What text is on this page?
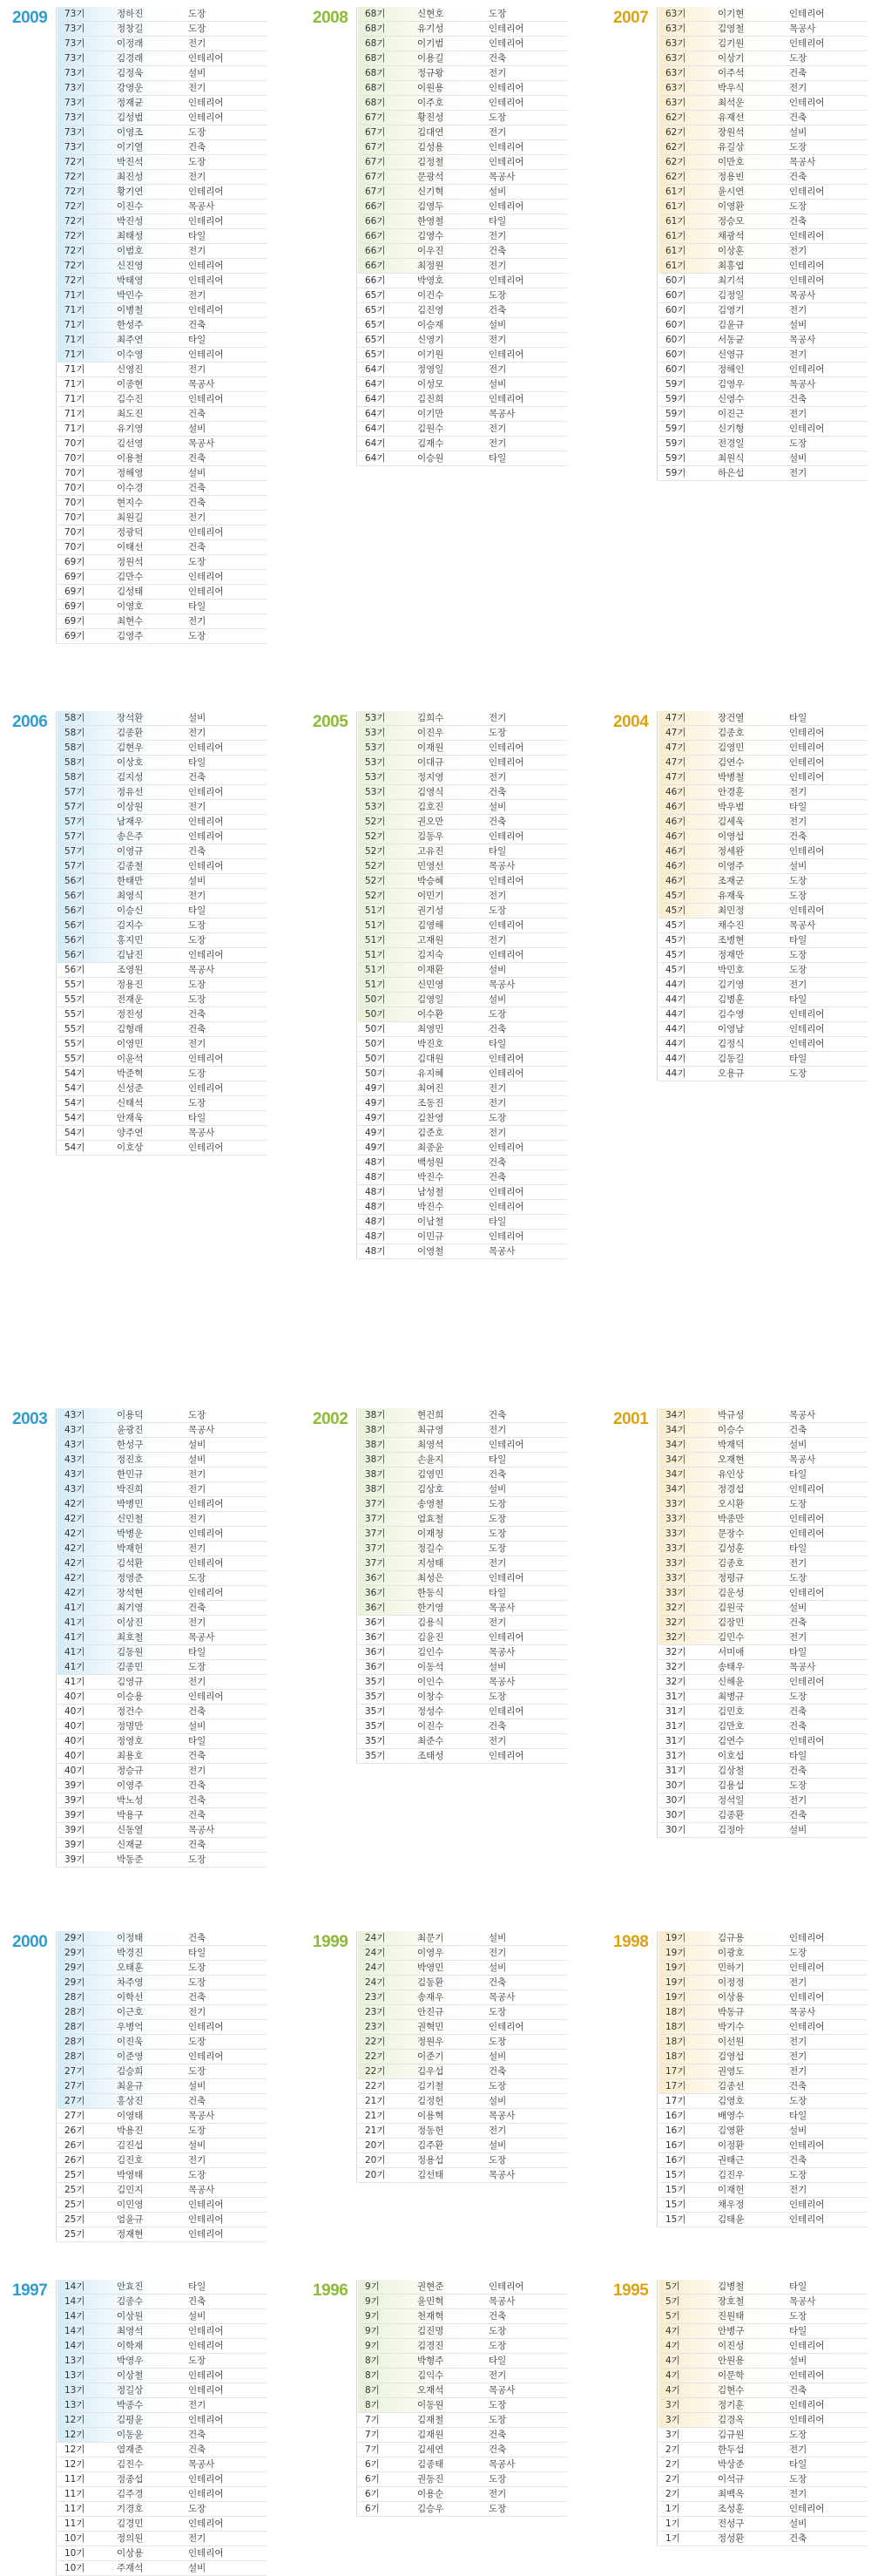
2009 73기	정하진	도장
73기	정창길	도장
73기	이정래	전기
73기	김경래	인테리어
73기	김정욱	설비
73기	강영운	전기
73기	정재균	인테리어
73기	김성범	인테리어
73기	이영조	도장
73기	이기열	건축
72기	박진석	도장
72기	최진성	전기
72기	황기연	인테리어
72기	이진수	목공사
72기	박진성	인테리어
72기	최태성	타일
72기	이범호	전기
72기	신진영	인테리어
72기	박태영	인테리어
71기	박민수	전기
71기	이병철	인테리어
71기	한성주	건축
71기	최주연	타일
71기	이수영	인테리어
71기	신영진	전기
71기	이종현	목공사
71기	김수진	인테리어
71기	최도진	건축
71기	유기영	설비
70기	김선영	목공사
70기	이용철	건축
70기	정해영	설비
70기	이수경	건축
70기	현지수	건축
70기	최원길	전기
70기	정광덕	인테리어
70기	이태선	건축
69기	정원석	도장
69기	김만수	인테리어
69기	김성태	인테리어
69기	이영호	타일
69기	최현수	전기
69기	김영주	도장
2008 68기	신현호	도장
68기	유기성	인테리어
68기	이기범	인테리어
68기	이용길	건축
68기	정규왕	전기
68기	이원용	인테리어
68기	이주호	인테리어
67기	황진성	도장
67기	김대연	전기
67기	김성용	인테리어
67기	김정철	인테리어
67기	문광석	목공사
67기	신기혁	설비
66기	김영두	인테리어
66기	한영철	타일
66기	김영수	전기
66기	이우진	건축
66기	최정원	전기
66기	박영호	인테리어
65기	이건수	도장
65기	김진영	건축
65기	이승재	설비
65기	신영기	전기
65기	이기원	인테리어
64기	정영일	전기
64기	이성모	설비
64기	김진희	인테리어
64기	이기만	목공사
64기	김원수	전기
64기	김재수	전기
64기	이승원	타일
2007 63기	이기현	인테리어
63기	김영철	목공사
63기	김기원	인테리어
63기	이상기	도장
63기	이주석	건축
63기	박우식	전기
63기	최석운	인테리어
62기	유재선	건축
62기	장원석	설비
62기	유길상	도장
62기	이만호	목공사
62기	정용빈	건축
61기	윤시연	인테리어
61기	이영환	도장
61기	정승모	건축
61기	채광석	인테리어
61기	이상훈	전기
61기	최홍엽	인테리어
60기	최기석	인테리어
60기	김정일	목공사
60기	김영기	전기
60기	김윤규	설비
60기	서동균	목공사
60기	신영규	전기
60기	정해인	인테리어
59기	김영우	목공사
59기	신영수	건축
59기	이진근	전기
59기	신기형	인테리어
59기	전경일	도장
59기	최원식	설비
59기	하은섭	전기
2006 58기	장석환	설비
58기	김종환	전기
58기	김현우	인테리어
58기	이상호	타일
58기	김지성	건축
57기	정유선	인테리어
57기	이상원	전기
57기	남재우	인테리어
57기	송은주	인테리어
57기	이영규	건축
57기	김종철	인테리어
56기	한태만	설비
56기	최영식	전기
56기	이승신	타일
56기	김지수	도장
56기	홍지민	도장
56기	김남진	인테리어
56기	조영원	목공사
55기	정용진	도장
55기	전재운	도장
55기	정진성	건축
55기	김형래	건축
55기	이영민	전기
55기	이윤석	인테리어
54기	박준혁	도장
54기	신성준	인테리어
54기	신태석	도장
54기	안재욱	타일
54기	양주연	목공사
54기	이호상	인테리어
2005 53기	김희수	전기
53기	이진우	도장
53기	이재원	인테리어
53기	이대규	인테리어
53기	정지영	전기
53기	김영식	건축
53기	김호진	설비
52기	권오만	건축
52기	김동우	인테리어
52기	고유진	타일
52기	민영선	목공사
52기	박승혜	인테리어
52기	이민기	전기
51기	권기성	도장
51기	김영해	인테리어
51기	고재원	전기
51기	김지숙	인테리어
51기	이재환	설비
51기	신민영	목공사
50기	김영일	설비
50기	이수환	도장
50기	최영민	건축
50기	박진호	타일
50기	김대원	인테리어
50기	유지혜	인테리어
49기	최여진	전기
49기	조동진	전기
49기	김찬영	도장
49기	김준호	전기
49기	최종윤	인테리어
48기	백성원	건축
48기	박진수	건축
48기	남성철	인테리어
48기	박진수	인테리어
48기	이남철	타일
48기	이민규	인테리어
48기	이영철	목공사
2004 47기	장건열	타일
47기	김종호	인테리어
47기	김영민	인테리어
47기	김연수	인테리어
47기	박병철	인테리어
46기	안경훈	전기
46기	박우범	타일
46기	김세욱	전기
46기	이영섭	건축
46기	정세완	인테리어
46기	이영주	설비
46기	조재군	도장
45기	유재욱	도장
45기	최민정	인테리어
45기	채수진	목공사
45기	조병현	타일
45기	정재만	도장
45기	박민호	도장
44기	김기영	전기
44기	김병훈	타일
44기	김수영	인테리어
44기	이영남	인테리어
44기	김정식	인테리어
44기	김동길	타일
44기	오용규	도장
2003 43기	이용덕	도장
43기	윤광진	목공사
43기	한성구	설비
43기	정진호	설비
43기	한민규	전기
43기	박진희	전기
42기	박병민	인테리어
42기	신민철	전기
42기	박병운	인테리어
42기	박재헌	전기
42기	김석환	인테리어
42기	정영준	도장
42기	장석현	인테리어
41기	최기영	건축
41기	이상진	전기
41기	최호철	목공사
41기	김동원	타일
41기	김종민	도장
41기	김영규	전기
40기	이승용	인테리어
40기	정건수	건축
40기	정명만	설비
40기	정영호	타일
40기	최용호	건축
40기	정승규	전기
39기	이영주	건축
39기	박노성	건축
39기	박용구	건축
39기	신동열	목공사
39기	신재균	건축
39기	박동준	도장
2002 38기	현건희	건축
38기	최규영	전기
38기	최영석	인테리어
38기	손윤지	타일
38기	김영민	건축
38기	김상호	설비
37기	송영철	도장
37기	엄효철	도장
37기	이재청	도장
37기	정길수	도장
37기	지성태	전기
36기	최성은	인테리어
36기	한동식	타일
36기	한기영	목공사
36기	김용식	전기
36기	김윤진	인테리어
36기	김인수	목공사
36기	이동석	설비
35기	이인수	목공사
35기	이창수	도장
35기	정성수	인테리어
35기	이진수	건축
35기	최준수	전기
35기	조태성	인테리어
2001 34기	박규성	목공사
34기	이승수	건축
34기	박재덕	설비
34기	오재현	목공사
34기	유인상	타일
34기	정경섭	인테리어
33기	오시환	도장
33기	박종만	인테리어
33기	문장수	인테리어
33기	김성훈	타일
33기	김종호	전기
33기	정평규	도장
33기	김운성	인테리어
32기	김원국	설비
32기	김장민	건축
32기	김민수	전기
32기	서미애	타일
32기	송태우	목공사
32기	신해윤	인테리어
31기	최병규	도장
31기	김민호	건축
31기	김만호	건축
31기	김연수	인테리어
31기	이호섭	타일
31기	김상철	건축
30기	김용섭	도장
30기	정석일	전기
30기	김종환	건축
30기	김정아	설비
2000 29기	이정태	건축
29기	박경진	타일
29기	오태훈	도장
29기	차주영	도장
28기	이학선	건축
28기	이근호	전기
28기	우병억	인테리어
28기	이진욱	도장
28기	이준영	인테리어
27기	김승희	도장
27기	최윤규	설비
27기	홍상진	건축
27기	이영태	목공사
26기	박용진	도장
26기	김진섭	설비
26기	김진호	전기
25기	박영태	도장
25기	김민지	목공사
25기	이민영	인테리어
25기	엄윤규	인테리어
25기	정재현	인테리어
1999 24기	최문기	설비
24기	이영우	전기
24기	박영민	설비
24기	김동환	건축
23기	송재우	목공사
23기	안진규	도장
23기	권혁민	인테리어
22기	정원우	도장
22기	이준기	설비
22기	김우섭	건축
22기	김기철	도장
21기	김정헌	설비
21기	이용혁	목공사
21기	정동헌	전기
20기	김주환	설비
20기	정용섭	도장
20기	김선태	목공사
1998 19기	김규용	인테리어
19기	이광호	도장
19기	민하기	인테리어
19기	이정정	전기
19기	이상용	인테리어
18기	박동규	목공사
18기	박기수	인테리어
18기	이선원	전기
18기	김영섭	전기
17기	권영도	전기
17기	김종선	건축
17기	김영호	도장
16기	배영수	타일
16기	김영환	설비
16기	이정환	인테리어
16기	권태근	건축
15기	김진우	도장
15기	이재헌	전기
15기	채우정	인테리어
15기	김태윤	인테리어
1997 14기	안효진	타일
14기	김종수	건축
14기	이상원	설비
14기	최영석	인테리어
14기	이학재	인테리어
13기	박영우	도장
13기	이상철	인테리어
13기	정길상	인테리어
13기	박종수	전기
12기	김평윤	인테리어
12기	이동윤	건축
12기	염재준	건축
12기	김진수	목공사
11기	정종섭	인테리어
11기	김주경	인테리어
11기	기경호	도장
11기	김경민	인테리어
10기	정의원	전기
10기	이상용	인테리어
10기	주재석	설비
1996 9기	권현준	인테리어
9기	윤민혁	목공사
9기	천재혁	건축
9기	김진명	도장
9기	김경진	도장
8기	박형주	타일
8기	김익수	전기
8기	오재석	목공사
8기	이동원	도장
7기	김재철	도장
7기	김재원	건축
7기	김세연	건축
6기	김종태	목공사
6기	권동진	도장
6기	이용순	전기
6기	김승우	도장
1995 5기	김병철	타일
5기	장호철	목공사
5기	진원태	도장
4기	안병구	타일
4기	이진성	인테리어
4기	안원용	설비
4기	이문학	인테리어
4기	김현수	건축
3기	정기훈	인테리어
3기	김경옥	인테리어
3기	김규원	도장
2기	한두섭	전기
2기	박상준	타일
2기	이석규	도장
2기	최백옥	전기
1기	조성훈	인테리어
1기	전성구	설비
1기	정성환	건축
